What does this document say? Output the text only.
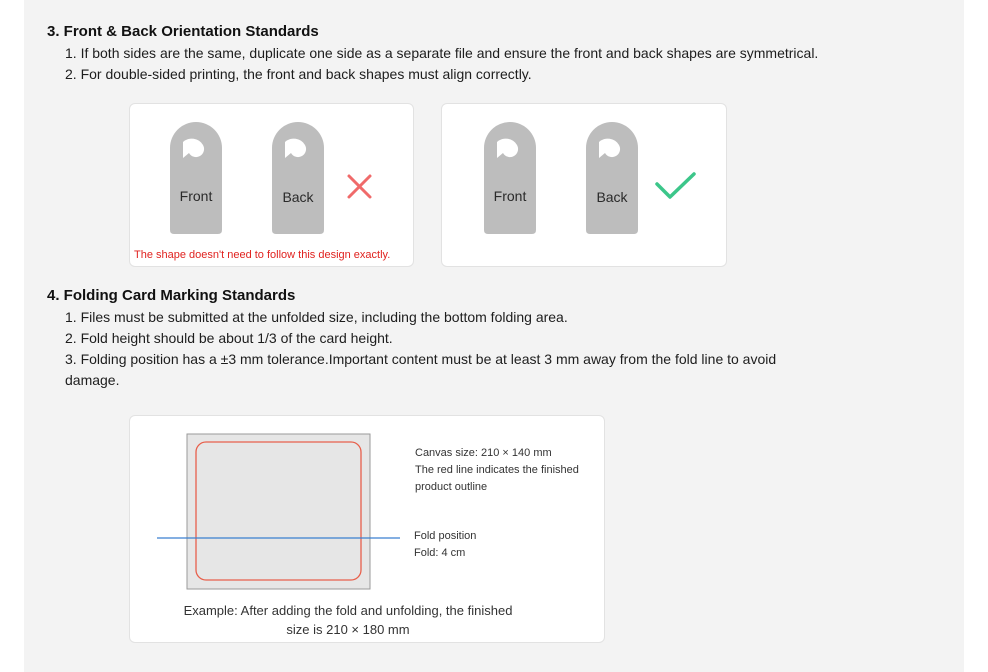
3. Front & Back Orientation Standards
1. If both sides are the same, duplicate one side as a separate file and ensure the front and back shapes are symmetrical.
2. For double-sided printing, the front and back shapes must align correctly.
Front	Back
The shape doesn't need to follow this design exactly.
Front	Back
4. Folding Card Marking Standards
1. Files must be submitted at the unfolded size, including the bottom folding area.
2. Fold height should be about 1/3 of the card height.
3. Folding position has a ±3 mm tolerance.Important content must be at least 3 mm away from the fold line to avoid
damage.
Canvas size: 210 × 140 mm
The red line indicates the finished
product outline
Fold position
Fold: 4 cm
Example: After adding the fold and unfolding, the finished
size is 210 × 180 mm
